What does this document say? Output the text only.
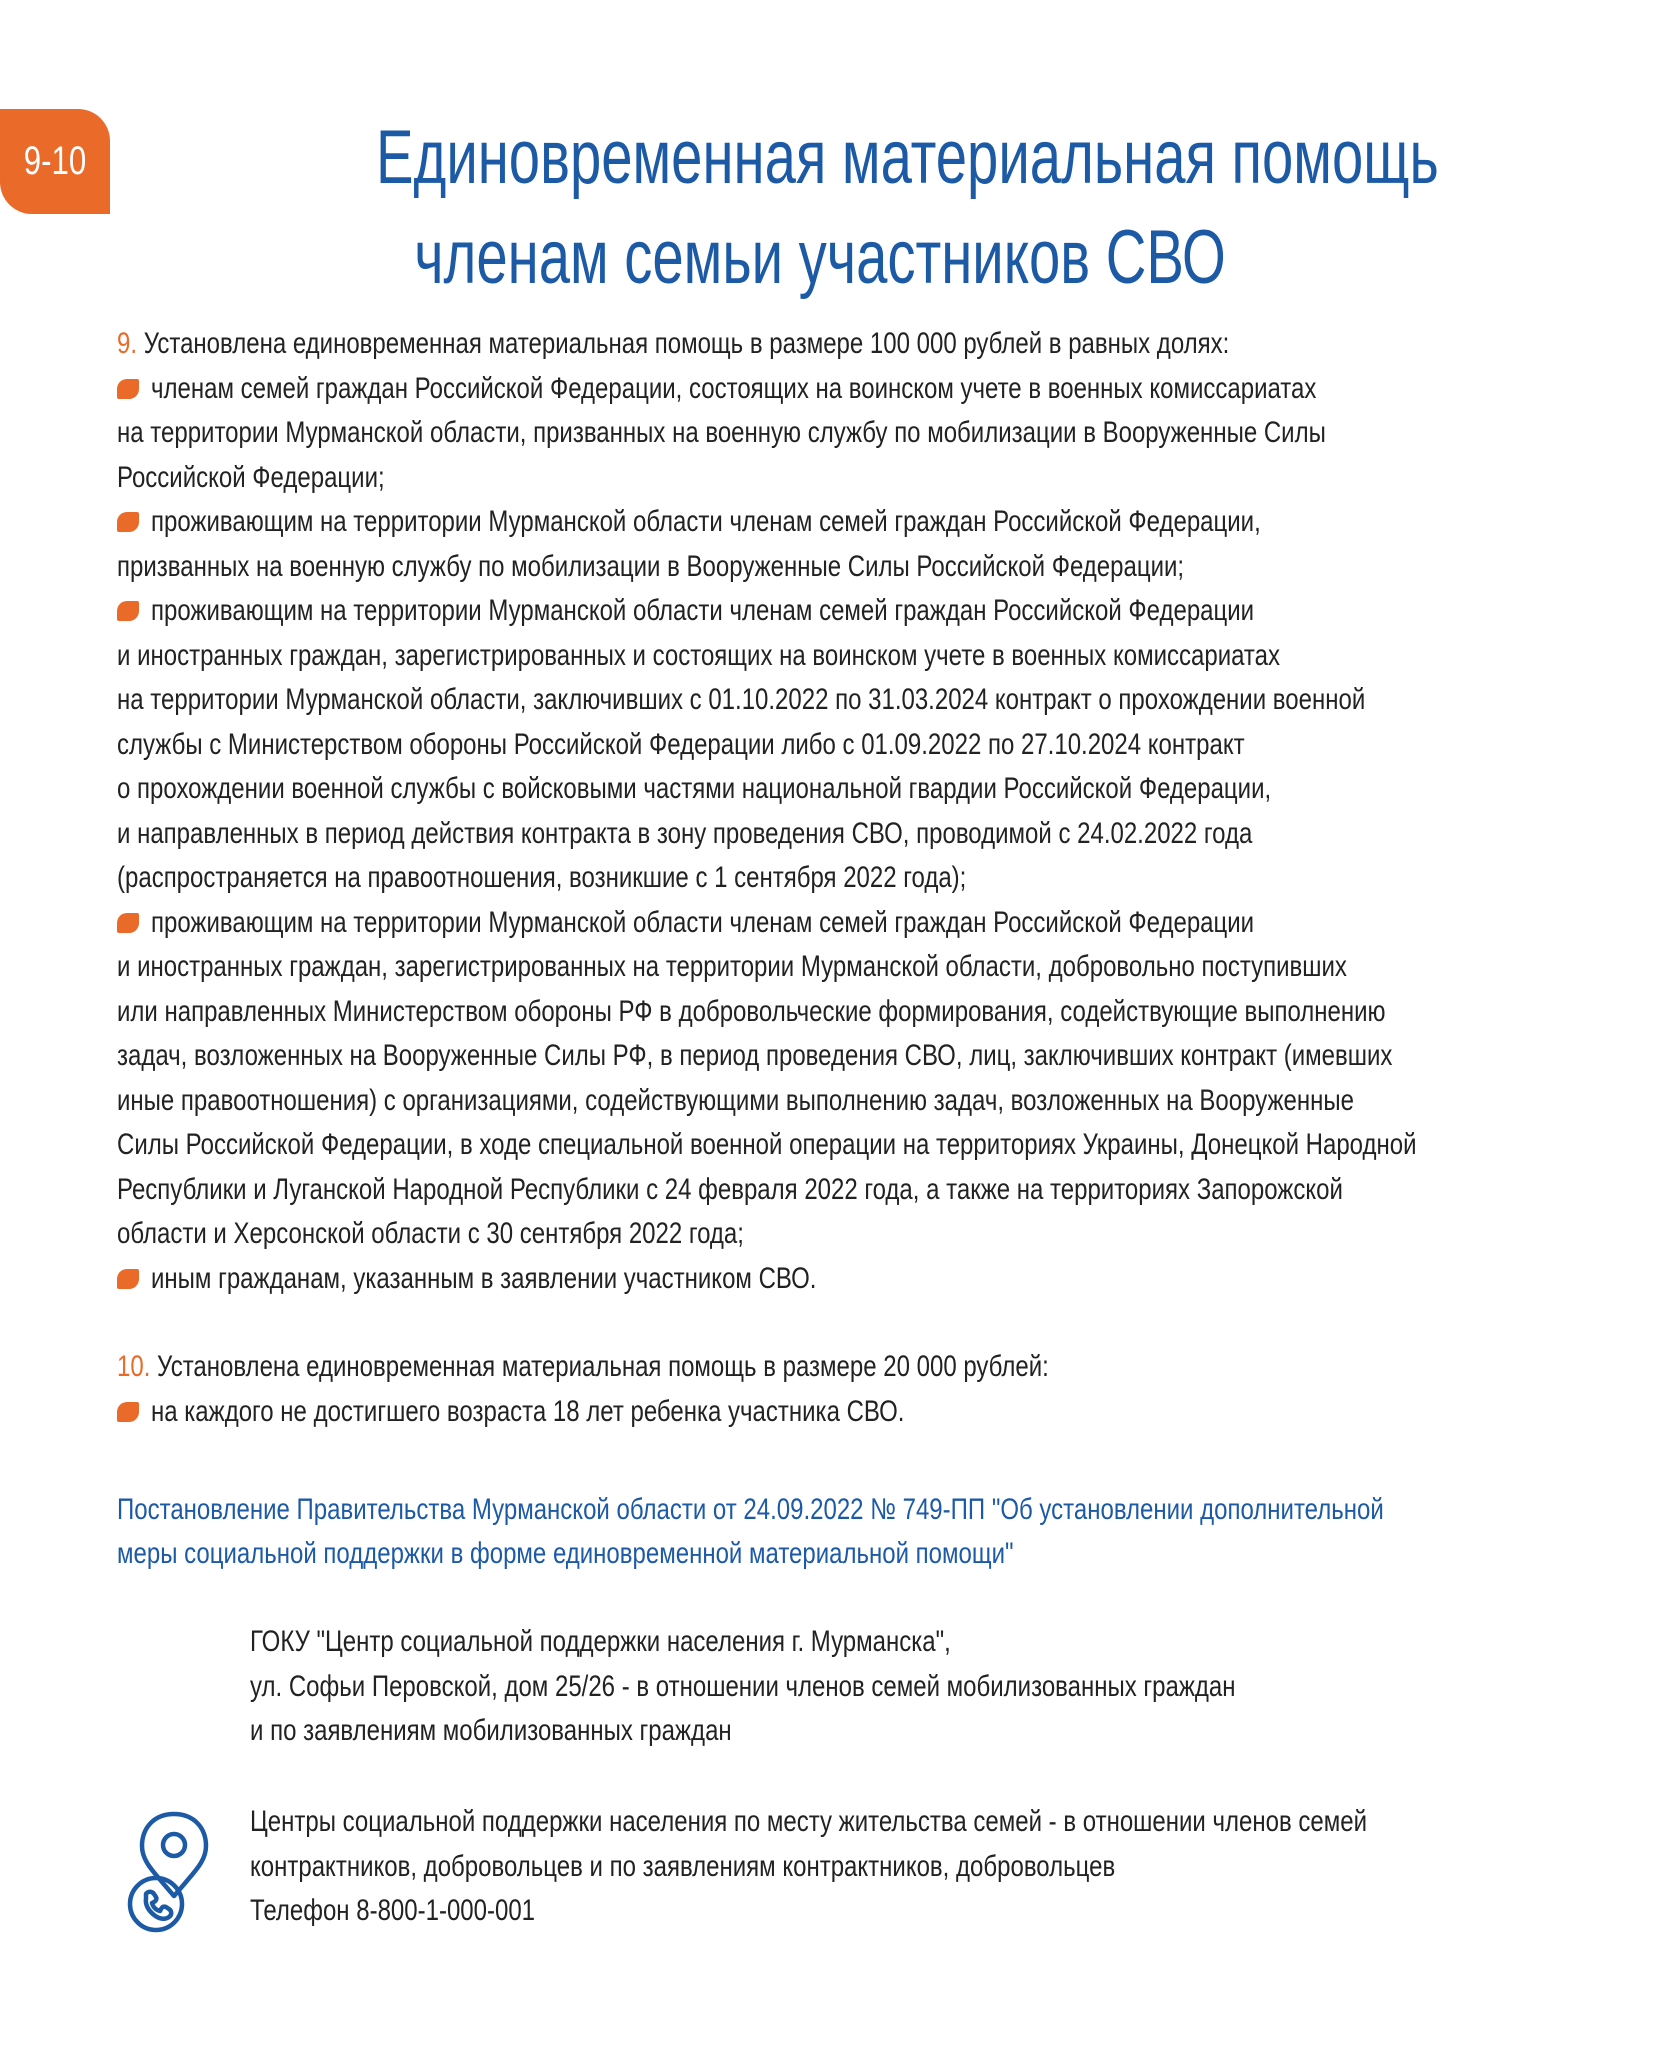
9-10	Единовременная материальная помощь
членам семьи участников СВО
9. Установлена единовременная материальная помощь в размере 100 000 рублей в равных долях:
членам семей граждан Российской Федерации, состоящих на воинском учете в военных комиссариатах
на территории Мурманской области, призванных на военную службу по мобилизации в Вооруженные Силы
Российской Федерации;
проживающим на территории Мурманской области членам семей граждан Российской Федерации,
призванных на военную службу по мобилизации в Вооруженные Силы Российской Федерации;
проживающим на территории Мурманской области членам семей граждан Российской Федерации
и иностранных граждан, зарегистрированных и состоящих на воинском учете в военных комиссариатах
на территории Мурманской области, заключивших с 01.10.2022 по 31.03.2024 контракт о прохождении военной
службы с Министерством обороны Российской Федерации либо с 01.09.2022 по 27.10.2024 контракт
о прохождении военной службы с войсковыми частями национальной гвардии Российской Федерации,
и направленных в период действия контракта в зону проведения СВО, проводимой с 24.02.2022 года
(распространяется на правоотношения, возникшие с 1 сентября 2022 года);
проживающим на территории Мурманской области членам семей граждан Российской Федерации
и иностранных граждан, зарегистрированных на территории Мурманской области, добровольно поступивших
или направленных Министерством обороны РФ в добровольческие формирования, содействующие выполнению
задач, возложенных на Вооруженные Силы РФ, в период проведения СВО, лиц, заключивших контракт (имевших
иные правоотношения) с организациями, содействующими выполнению задач, возложенных на Вооруженные
Силы Российской Федерации, в ходе специальной военной операции на территориях Украины, Донецкой Народной
Республики и Луганской Народной Республики с 24 февраля 2022 года, а также на территориях Запорожской
области и Херсонской области с 30 сентября 2022 года;
иным гражданам, указанным в заявлении участником СВО.
10. Установлена единовременная материальная помощь в размере 20 000 рублей:
на каждого не достигшего возраста 18 лет ребенка участника СВО.
Постановление Правительства Мурманской области от 24.09.2022 № 749-ПП "Об установлении дополнительной
меры социальной поддержки в форме единовременной материальной помощи"
ГОКУ "Центр социальной поддержки населения г. Мурманска",
ул. Софьи Перовской, дом 25/26 - в отношении членов семей мобилизованных граждан
и по заявлениям мобилизованных граждан
Центры социальной поддержки населения по месту жительства семей - в отношении членов семей
контрактников, добровольцев и по заявлениям контрактников, добровольцев
Телефон 8-800-1-000-001
